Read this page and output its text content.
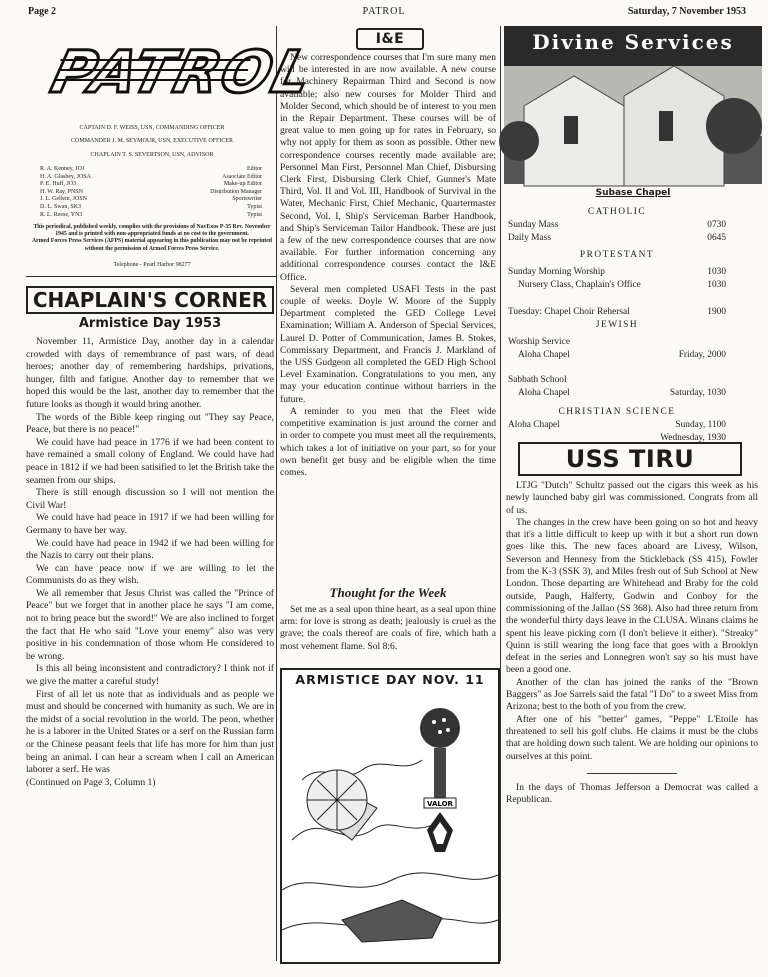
Page 2	PATROL	Saturday, 7 November 1953
PATROL
CAPTAIN D. F. WEISS, USN, COMMANDING OFFICER
COMMANDER J. M. SEYMOUR, USN, EXECUTIVE OFFICER
CHAPLAIN T. S. SEVERTSON, USN, ADVISOR
R. A. Kenney, JO1	Editor
H. A. Glasbey, JOSA	Associate Editor
P. E. Huff, JO3	Make-up Editor
H. W. Ray, PNSN	Distribution Manager
J. L. Gellein, JOSN	Sportswriter
D. L. Swan, SK3	Typist
R. L. Reese, YN3	Typist
This periodical, published weekly, complies with the provisions of NavExos P-35 Rev. November 1945 and is printed with non-appropriated funds at no cost to the government.
Armed Forces Press Services (AFPS) material appearing in this publication may not be reprinted without the permission of Armed Forces Press Service.
Telephone - Pearl Harbor 98277
CHAPLAIN'S CORNER
Armistice Day 1953

November 11, Armistice Day, another day in a calendar crowded with days of remembrance of past wars, of dead heroes; another day of remembering hardships, privations, hunger, filth and fatigue. Another day to remember that we hoped this would be the last, another day to remember that the future looks as though it would bring another.

The words of the Bible keep ringing out "They say Peace, Peace, but there is no peace!"

We could have had peace in 1776 if we had been content to have remained a small colony of England. We could have had peace in 1812 if we had been satisified to let the British take the seamen from our ships.

There is still enough discussion so I will not mention the Civil War!

We could have had peace in 1917 if we had been willing for Germany to have her way.

We could have had peace in 1942 if we had been willing for the Nazis to carry out their plans.

We can have peace now if we are willing to let the Communists do as they wish.

We all remember that Jesus Christ was called the "Prince of Peace" but we forget that in another place he says "I am come, not to bring peace but the sword!" We are also inclined to forget the fact that He who said "Love your enemy" also was very positive in his condemnation of those whom He considered to be wrong.

Is this all being inconsistent and contradictory? I think not if we give the matter a careful study!

First of all let us note that as individuals and as people we must and should be concerned with humanity as such. We are in the midst of a social revolution in the world. The peon, whether he is a laborer in the United States or a serf on the Russian farm or the Chinese peasant feels that life has more for him than just being an animal. I can hear a scream when I call an American laborer a serf. He was

(Continued on Page 3, Column 1)
I&E

New correspondence courses that I'm sure many men will be interested in are now available. A new course for Machinery Repairman Third and Second is now available; also new courses for Molder Third and Molder Second, which should be of interest to you men in the Repair Department. These courses will be of great value to men going up for rates in February, so why not apply for them as soon as possible. Other new correspondence courses recently made available are; Personnel Man First, Personnel Man Chief, Disbursing Clerk First, Disbursing Clerk Chief, Gunner's Mate Third, Vol. II and Vol. III, Handbook of Survival in the Water, Mechanic First, Chief Mechanic, Quartermaster Second, Vol. I, Ship's Serviceman Barber Handbook, and Ship's Serviceman Tailor Handbook. These are just a few of the new correspondence courses that are now available. For further information concerning any additional correspondence courses contact the I&E Office.

Several men completed USAFI Tests in the past couple of weeks. Doyle W. Moore of the Supply Department completed the GED College Level Examination; William A. Anderson of Special Services, Laurel D. Potter of Communication, James B. Stokes, Commissary Department, and Francis J. Markland of the USS Gudgeon all completed the GED High School Level Examination. Congratulations to you men, any may your education continue without barriers in the future.

A reminder to you men that the Fleet wide competitive examination is just around the corner and in order to compete you must meet all the requirements, which takes a lot of initiative on your part, so for your own benefit get busy and be eligible when the time comes.

Thought for the Week

Set me as a seal upon thine heart, as a seal upon thine arm: for love is strong as death; jealously is cruel as the grave; the coals thereof are coals of fire, which hath a most vehement flame. Sol 8:6.

ARMISTICE DAY NOV. 11
VALOR
Divine Services
Subase Chapel
CATHOLIC
Sunday Mass	0730
Daily Mass	0645
PROTESTANT
Sunday Morning Worship	1030
Nursery Class, Chaplain's Office	1030
Tuesday: Chapel Choir Rehersal	1900
JEWISH
Worship Service
Aloha Chapel	Friday, 2000
Sabbath School
Aloha Chapel	Saturday, 1030
CHRISTIAN SCIENCE
Aloha Chapel	Sunday, 1100
Wednesday, 1930
USS TIRU

LTJG "Dutch" Schultz passed out the cigars this week as his newly launched baby girl was commissioned. Congrats from all of us.

The changes in the crew have been going on so hot and heavy that it's a little difficult to keep up with it but a short run down goes like this. The new faces aboard are Livesy, Wilson, Severson and Hennesy from the Stickleback (SS 415), Fowler from the K-3 (SSK 3), and Miles fresh out of Sub School at New London. Those departing are Whitehead and Braby for the cold outside, Paugh, Halferty, Godwin and Conboy for the commissioning of the Jallao (SS 368). Also had three return from the wonderful thirty days leave in the CLUSA. Winans claims he spent his leave picking corn (I don't believe it either). "Streaky" Quinn is still wearing the long face that goes with a Brooklyn defeat in the series and Lonnegren won't say so his must have been a good one.

Another of the clan has joined the ranks of the "Brown Baggers" as Joe Sarrels said the fatal "I Do" to a sweet Miss from Arizona; best to the both of you from the crew.

After one of his "better" games, "Peppe" L'Etoile has threatened to sell his golf clubs. He claims it must be the clubs that are holding down such talent. We are holding our opinions to ourselves at this point.

In the days of Thomas Jefferson a Democrat was called a Republican.
